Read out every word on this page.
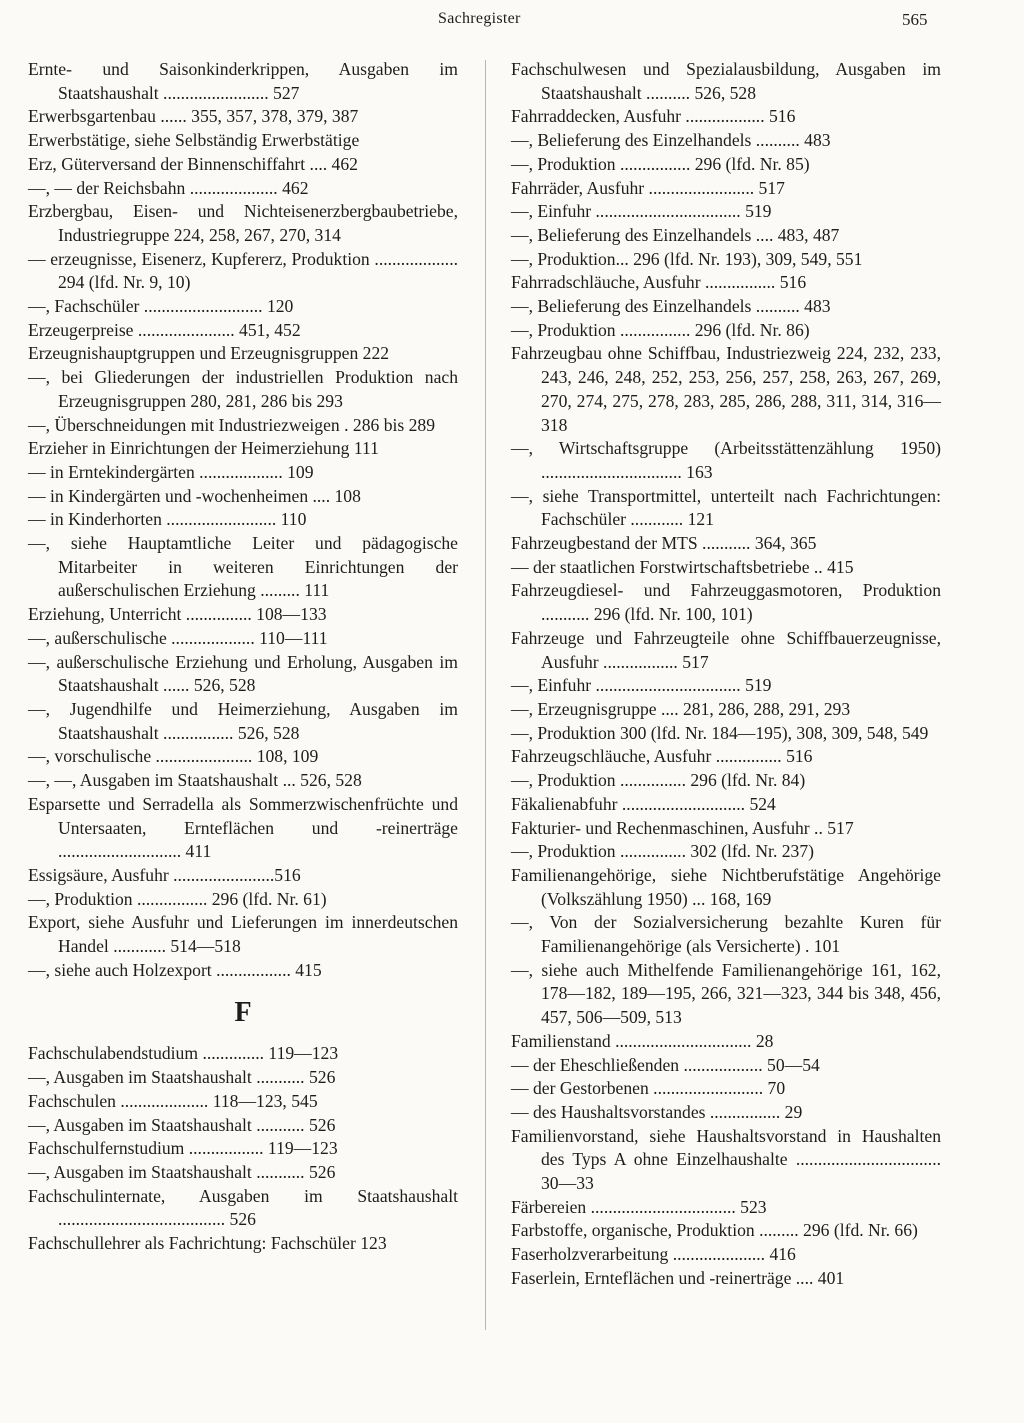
Sachregister	565
Ernte- und Saisonkinderkrippen, Ausgaben im Staatshaushalt ........................ 527
Erwerbsgartenbau ...... 355, 357, 378, 379, 387
Erwerbstätige, siehe Selbständig Erwerbstätige
Erz, Güterversand der Binnenschiffahrt .... 462
—, — der Reichsbahn .................... 462
Erzbergbau, Eisen- und Nichteisenerzbergbaubetriebe, Industriegruppe 224, 258, 267, 270, 314
— erzeugnisse, Eisenerz, Kupfererz, Produktion ................... 294 (lfd. Nr. 9, 10)
—, Fachschüler ........................... 120
Erzeugerpreise ...................... 451, 452
Erzeugnishauptgruppen und Erzeugnisgruppen 222
—, bei Gliederungen der industriellen Produktion nach Erzeugnisgruppen 280, 281, 286 bis 293
—, Überschneidungen mit Industriezweigen . 286 bis 289
Erzieher in Einrichtungen der Heimerziehung 111
— in Erntekindergärten ................... 109
— in Kindergärten und -wochenheimen .... 108
— in Kinderhorten ......................... 110
—, siehe Hauptamtliche Leiter und pädagogische Mitarbeiter in weiteren Einrichtungen der außerschulischen Erziehung ......... 111
Erziehung, Unterricht ............... 108—133
—, außerschulische ................... 110—111
—, außerschulische Erziehung und Erholung, Ausgaben im Staatshaushalt ...... 526, 528
—, Jugendhilfe und Heimerziehung, Ausgaben im Staatshaushalt ................ 526, 528
—, vorschulische ...................... 108, 109
—, —, Ausgaben im Staatshaushalt ... 526, 528
Esparsette und Serradella als Sommerzwischenfrüchte und Untersaaten, Ernteflächen und -reinerträge ............................ 411
Essigsäure, Ausfuhr .......................516
—, Produktion ................ 296 (lfd. Nr. 61)
Export, siehe Ausfuhr und Lieferungen im innerdeutschen Handel ............ 514—518
—, siehe auch Holzexport ................. 415
F
Fachschulabendstudium .............. 119—123
—, Ausgaben im Staatshaushalt ........... 526
Fachschulen .................... 118—123, 545
—, Ausgaben im Staatshaushalt ........... 526
Fachschulfernstudium ................. 119—123
—, Ausgaben im Staatshaushalt ........... 526
Fachschulinternate, Ausgaben im Staatshaushalt ...................................... 526
Fachschullehrer als Fachrichtung: Fachschüler 123
Fachschulwesen und Spezialausbildung, Ausgaben im Staatshaushalt .......... 526, 528
Fahrraddecken, Ausfuhr .................. 516
—, Belieferung des Einzelhandels .......... 483
—, Produktion ................ 296 (lfd. Nr. 85)
Fahrräder, Ausfuhr ........................ 517
—, Einfuhr ................................. 519
—, Belieferung des Einzelhandels .... 483, 487
—, Produktion... 296 (lfd. Nr. 193), 309, 549, 551
Fahrradschläuche, Ausfuhr ................ 516
—, Belieferung des Einzelhandels .......... 483
—, Produktion ................ 296 (lfd. Nr. 86)
Fahrzeugbau ohne Schiffbau, Industriezweig 224, 232, 233, 243, 246, 248, 252, 253, 256, 257, 258, 263, 267, 269, 270, 274, 275, 278, 283, 285, 286, 288, 311, 314, 316—318
—, Wirtschaftsgruppe (Arbeitsstättenzählung 1950) ................................ 163
—, siehe Transportmittel, unterteilt nach Fachrichtungen: Fachschüler ............ 121
Fahrzeugbestand der MTS ........... 364, 365
— der staatlichen Forstwirtschaftsbetriebe .. 415
Fahrzeugdiesel- und Fahrzeuggasmotoren, Produktion ........... 296 (lfd. Nr. 100, 101)
Fahrzeuge und Fahrzeugteile ohne Schiffbauerzeugnisse, Ausfuhr ................. 517
—, Einfuhr ................................. 519
—, Erzeugnisgruppe .... 281, 286, 288, 291, 293
—, Produktion 300 (lfd. Nr. 184—195), 308, 309, 548, 549
Fahrzeugschläuche, Ausfuhr ............... 516
—, Produktion ............... 296 (lfd. Nr. 84)
Fäkalienabfuhr ............................ 524
Fakturier- und Rechenmaschinen, Ausfuhr .. 517
—, Produktion ............... 302 (lfd. Nr. 237)
Familienangehörige, siehe Nichtberufstätige Angehörige (Volkszählung 1950) ... 168, 169
—, Von der Sozialversicherung bezahlte Kuren für Familienangehörige (als Versicherte) . 101
—, siehe auch Mithelfende Familienangehörige 161, 162, 178—182, 189—195, 266, 321—323, 344 bis 348, 456, 457, 506—509, 513
Familienstand ............................... 28
— der Eheschließenden .................. 50—54
— der Gestorbenen ......................... 70
— des Haushaltsvorstandes ................ 29
Familienvorstand, siehe Haushaltsvorstand in Haushalten des Typs A ohne Einzelhaushalte ................................. 30—33
Färbereien ................................. 523
Farbstoffe, organische, Produktion ......... 296 (lfd. Nr. 66)
Faserholzverarbeitung ..................... 416
Faserlein, Ernteflächen und -reinerträge .... 401
